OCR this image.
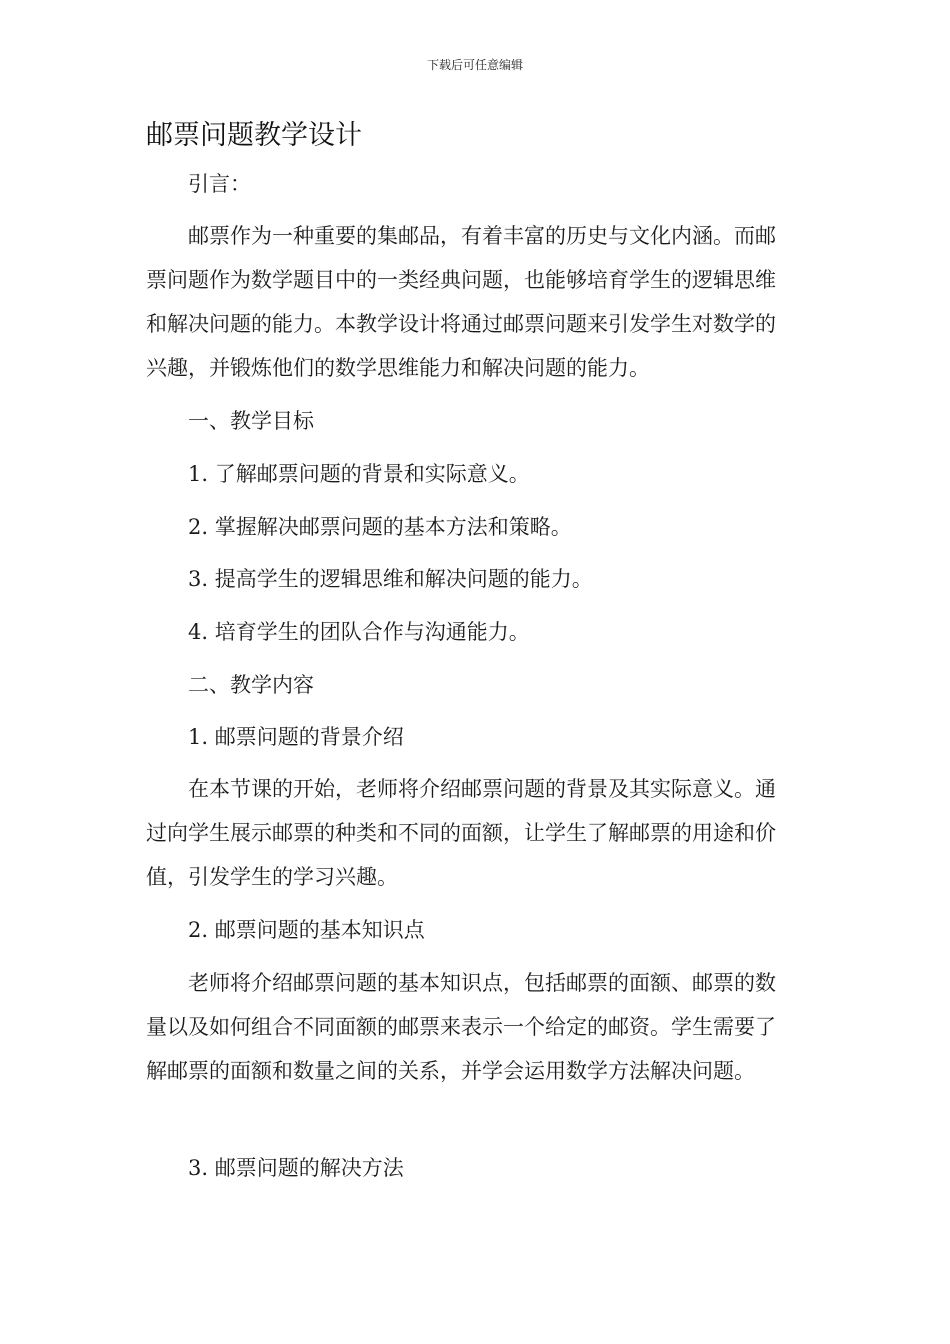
下载后可任意编辑
邮票问题教学设计

引言：

邮票作为一种重要的集邮品，有着丰富的历史与文化内涵。而邮票问题作为数学题目中的一类经典问题，也能够培育学生的逻辑思维和解决问题的能力。本教学设计将通过邮票问题来引发学生对数学的兴趣，并锻炼他们的数学思维能力和解决问题的能力。

一、教学目标

1. 了解邮票问题的背景和实际意义。

2. 掌握解决邮票问题的基本方法和策略。

3. 提高学生的逻辑思维和解决问题的能力。

4. 培育学生的团队合作与沟通能力。

二、教学内容

1. 邮票问题的背景介绍

在本节课的开始，老师将介绍邮票问题的背景及其实际意义。通过向学生展示邮票的种类和不同的面额，让学生了解邮票的用途和价值，引发学生的学习兴趣。

2. 邮票问题的基本知识点

老师将介绍邮票问题的基本知识点，包括邮票的面额、邮票的数量以及如何组合不同面额的邮票来表示一个给定的邮资。学生需要了解邮票的面额和数量之间的关系，并学会运用数学方法解决问题。

3. 邮票问题的解决方法
